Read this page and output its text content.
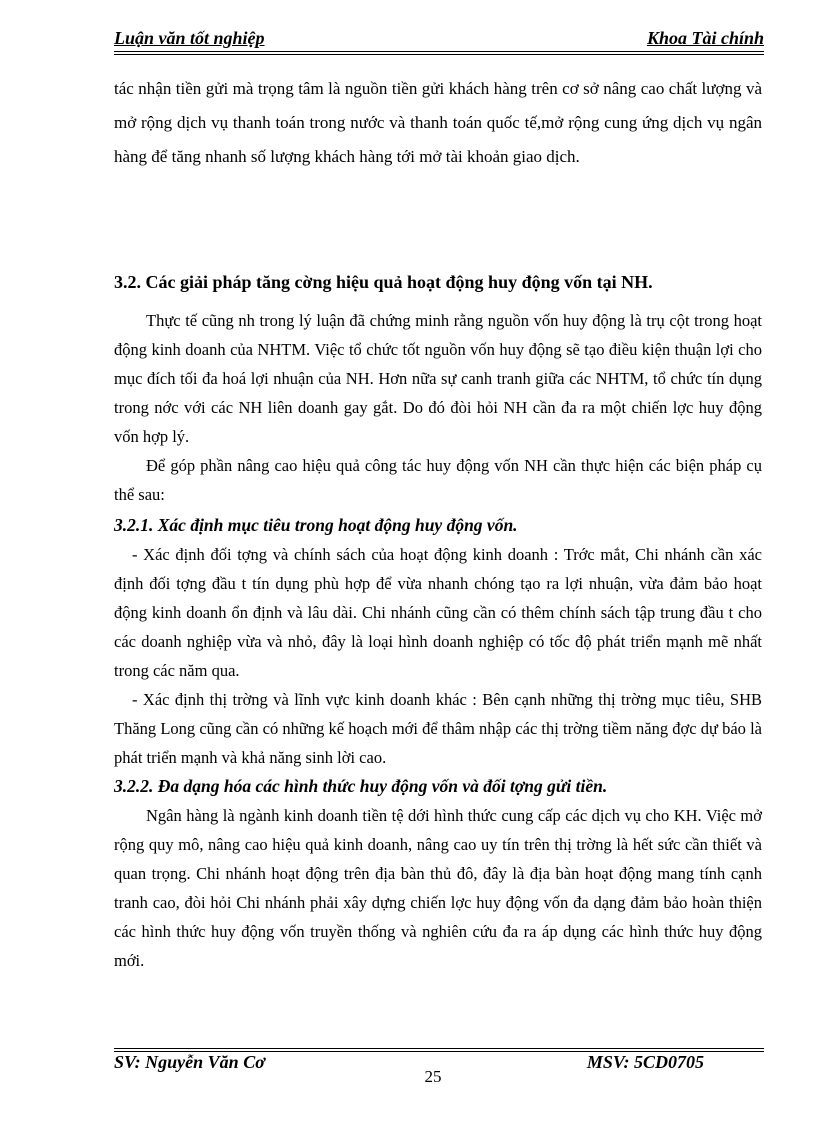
Luận văn tốt nghiệp	Khoa Tài chính

tác nhận tiền gửi mà trọng tâm là nguồn tiền gửi khách hàng trên cơ sở nâng cao chất lượng và mở rộng dịch vụ thanh toán trong nước và thanh toán quốc tế,mở rộng cung ứng dịch vụ ngân hàng để tăng nhanh số lượng khách hàng tới mở tài khoản giao dịch.

3.2. Các giải pháp tăng cờng hiệu quả hoạt động huy động vốn tại NH.

Thực tế cũng nh trong lý luận đã chứng minh rằng nguồn vốn huy động là trụ cột trong hoạt động kinh doanh của NHTM. Việc tổ chức tốt nguồn vốn huy động sẽ tạo điều kiện thuận lợi cho mục đích tối đa hoá lợi nhuận của NH. Hơn nữa sự canh tranh giữa các NHTM, tổ chức tín dụng trong nớc với các NH liên doanh gay gắt. Do đó đòi hỏi NH cần đa ra một chiến lợc huy động vốn hợp lý.

Để góp phần nâng cao hiệu quả công tác huy động vốn NH cần thực hiện các biện pháp cụ thể sau:

3.2.1. Xác định mục tiêu trong hoạt động huy động vốn.

- Xác định đối tợng và chính sách của hoạt động kinh doanh : Trớc mắt, Chi nhánh cần xác định đối tợng đầu t tín dụng phù hợp để vừa nhanh chóng tạo ra lợi nhuận, vừa đảm bảo hoạt động kinh doanh ổn định và lâu dài. Chi nhánh cũng cần có thêm chính sách tập trung đầu t cho các doanh nghiệp vừa và nhỏ, đây là loại hình doanh nghiệp có tốc độ phát triển mạnh mẽ nhất trong các năm qua.

- Xác định thị trờng và lĩnh vực kinh doanh khác : Bên cạnh những thị trờng mục tiêu, SHB Thăng Long cũng cần có những kế hoạch mới để thâm nhập các thị trờng tiềm năng đợc dự báo là phát triển mạnh và khả năng sinh lời cao.

3.2.2. Đa dạng hóa các hình thức huy động vốn và đối tợng gửi tiền.

Ngân hàng là ngành kinh doanh tiền tệ dới hình thức cung cấp các dịch vụ cho KH. Việc mở rộng quy mô, nâng cao hiệu quả kinh doanh, nâng cao uy tín trên thị trờng là hết sức cần thiết và quan trọng. Chi nhánh hoạt động trên địa bàn thủ đô, đây là địa bàn hoạt động mang tính cạnh tranh cao, đòi hỏi Chi nhánh phải xây dựng chiến lợc huy động vốn đa dạng đảm bảo hoàn thiện các hình thức huy động vốn truyền thống và nghiên cứu đa ra áp dụng các hình thức huy động mới.

SV: Nguyễn Văn Cơ	MSV: 5CD0705
25
